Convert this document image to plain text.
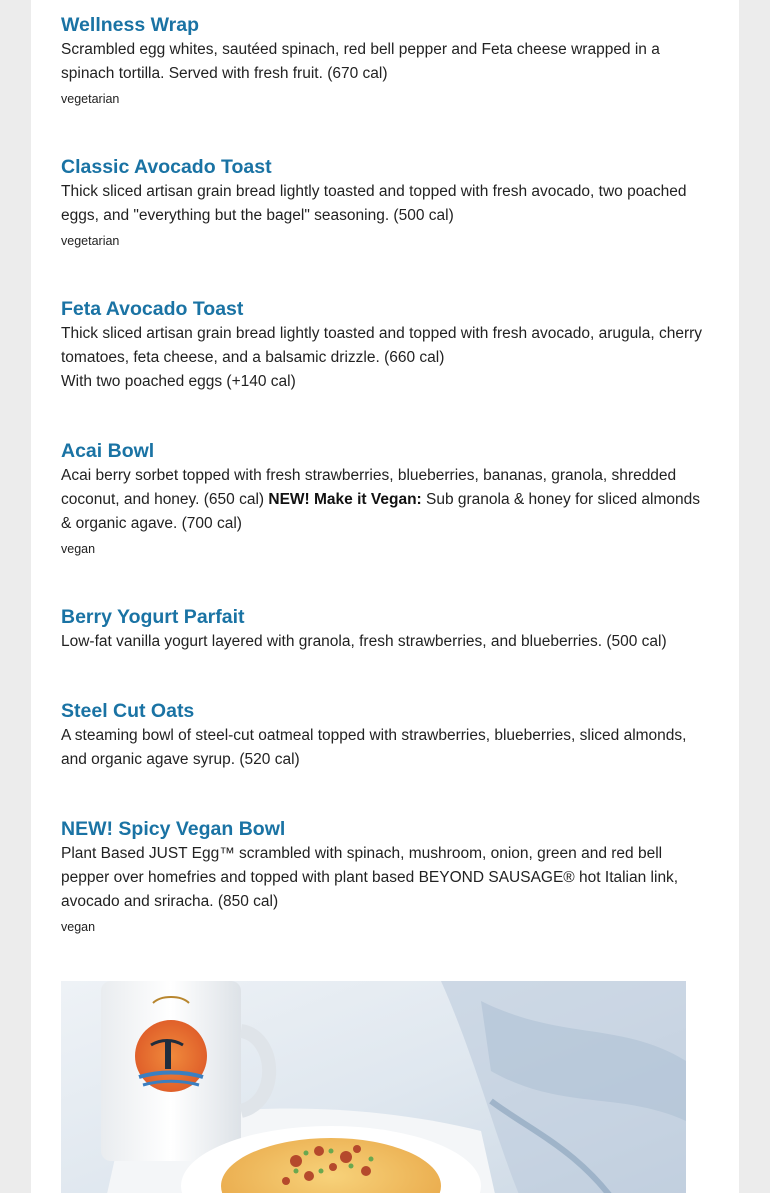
Wellness Wrap

Scrambled egg whites, sautéed spinach, red bell pepper and Feta cheese wrapped in a spinach tortilla. Served with fresh fruit. (670 cal)

vegetarian

Classic Avocado Toast

Thick sliced artisan grain bread lightly toasted and topped with fresh avocado, two poached eggs, and "everything but the bagel" seasoning. (500 cal)

vegetarian

Feta Avocado Toast

Thick sliced artisan grain bread lightly toasted and topped with fresh avocado, arugula, cherry tomatoes, feta cheese, and a balsamic drizzle. (660 cal)

With two poached eggs (+140 cal)

Acai Bowl

Acai berry sorbet topped with fresh strawberries, blueberries, bananas, granola, shredded coconut, and honey. (650 cal) NEW! Make it Vegan: Sub granola & honey for sliced almonds & organic agave. (700 cal)

vegan

Berry Yogurt Parfait

Low-fat vanilla yogurt layered with granola, fresh strawberries, and blueberries. (500 cal)

Steel Cut Oats

A steaming bowl of steel-cut oatmeal topped with strawberries, blueberries, sliced almonds, and organic agave syrup. (520 cal)

NEW! Spicy Vegan Bowl

Plant Based JUST Egg™ scrambled with spinach, mushroom, onion, green and red bell pepper over homefries and topped with plant based BEYOND SAUSAGE® hot Italian link, avocado and sriracha. (850 cal)

vegan
